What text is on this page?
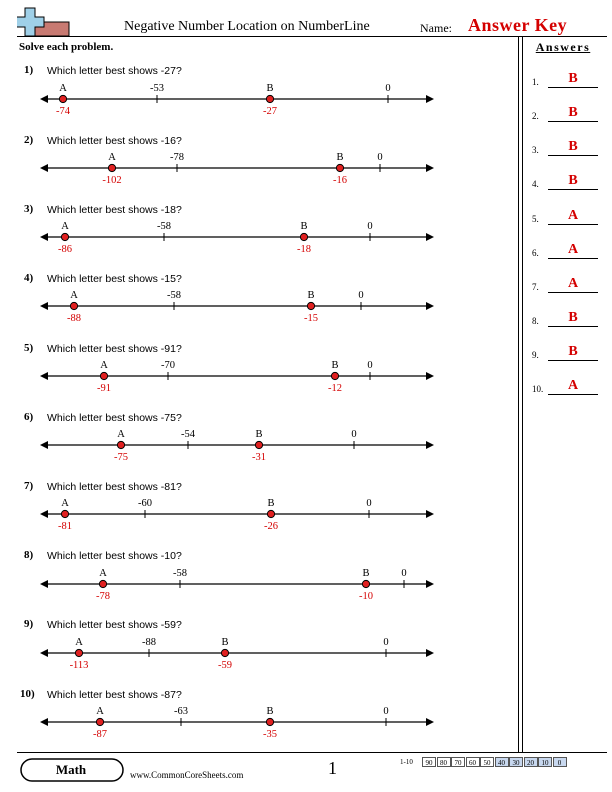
Negative Number Location on NumberLine	Name: Answer Key
Solve each problem.	Answers
1) Which letter best shows -27?
2) Which letter best shows -16?
3) Which letter best shows -18?
4) Which letter best shows -15?
5) Which letter best shows -91?
6) Which letter best shows -75?
7) Which letter best shows -81?
8) Which letter best shows -10?
9) Which letter best shows -59?
10) Which letter best shows -87?
A
-74
-53	B
-27
0
A
-102
-78	B
-16
0
A
-86
-58	B
-18
0
A
-88
-58	B
-15
0
A
-91
-70	B
-12
0
A
-75
-54	B
-31
0
A
-81
-60	B
-26
0
A
-78
-58	B
-10
0
A
-113
-88	B
-59
0
A
-87
-63	B
-35
0
1.	B
2.	B
3.	B
4.	B
5.	A
6.	A
7.	A
8.	B
9.	B
10.	A
Math	www.CommonCoreSheets.com	1	1-10	90	80	70	60	50	40	30	20	10	0
